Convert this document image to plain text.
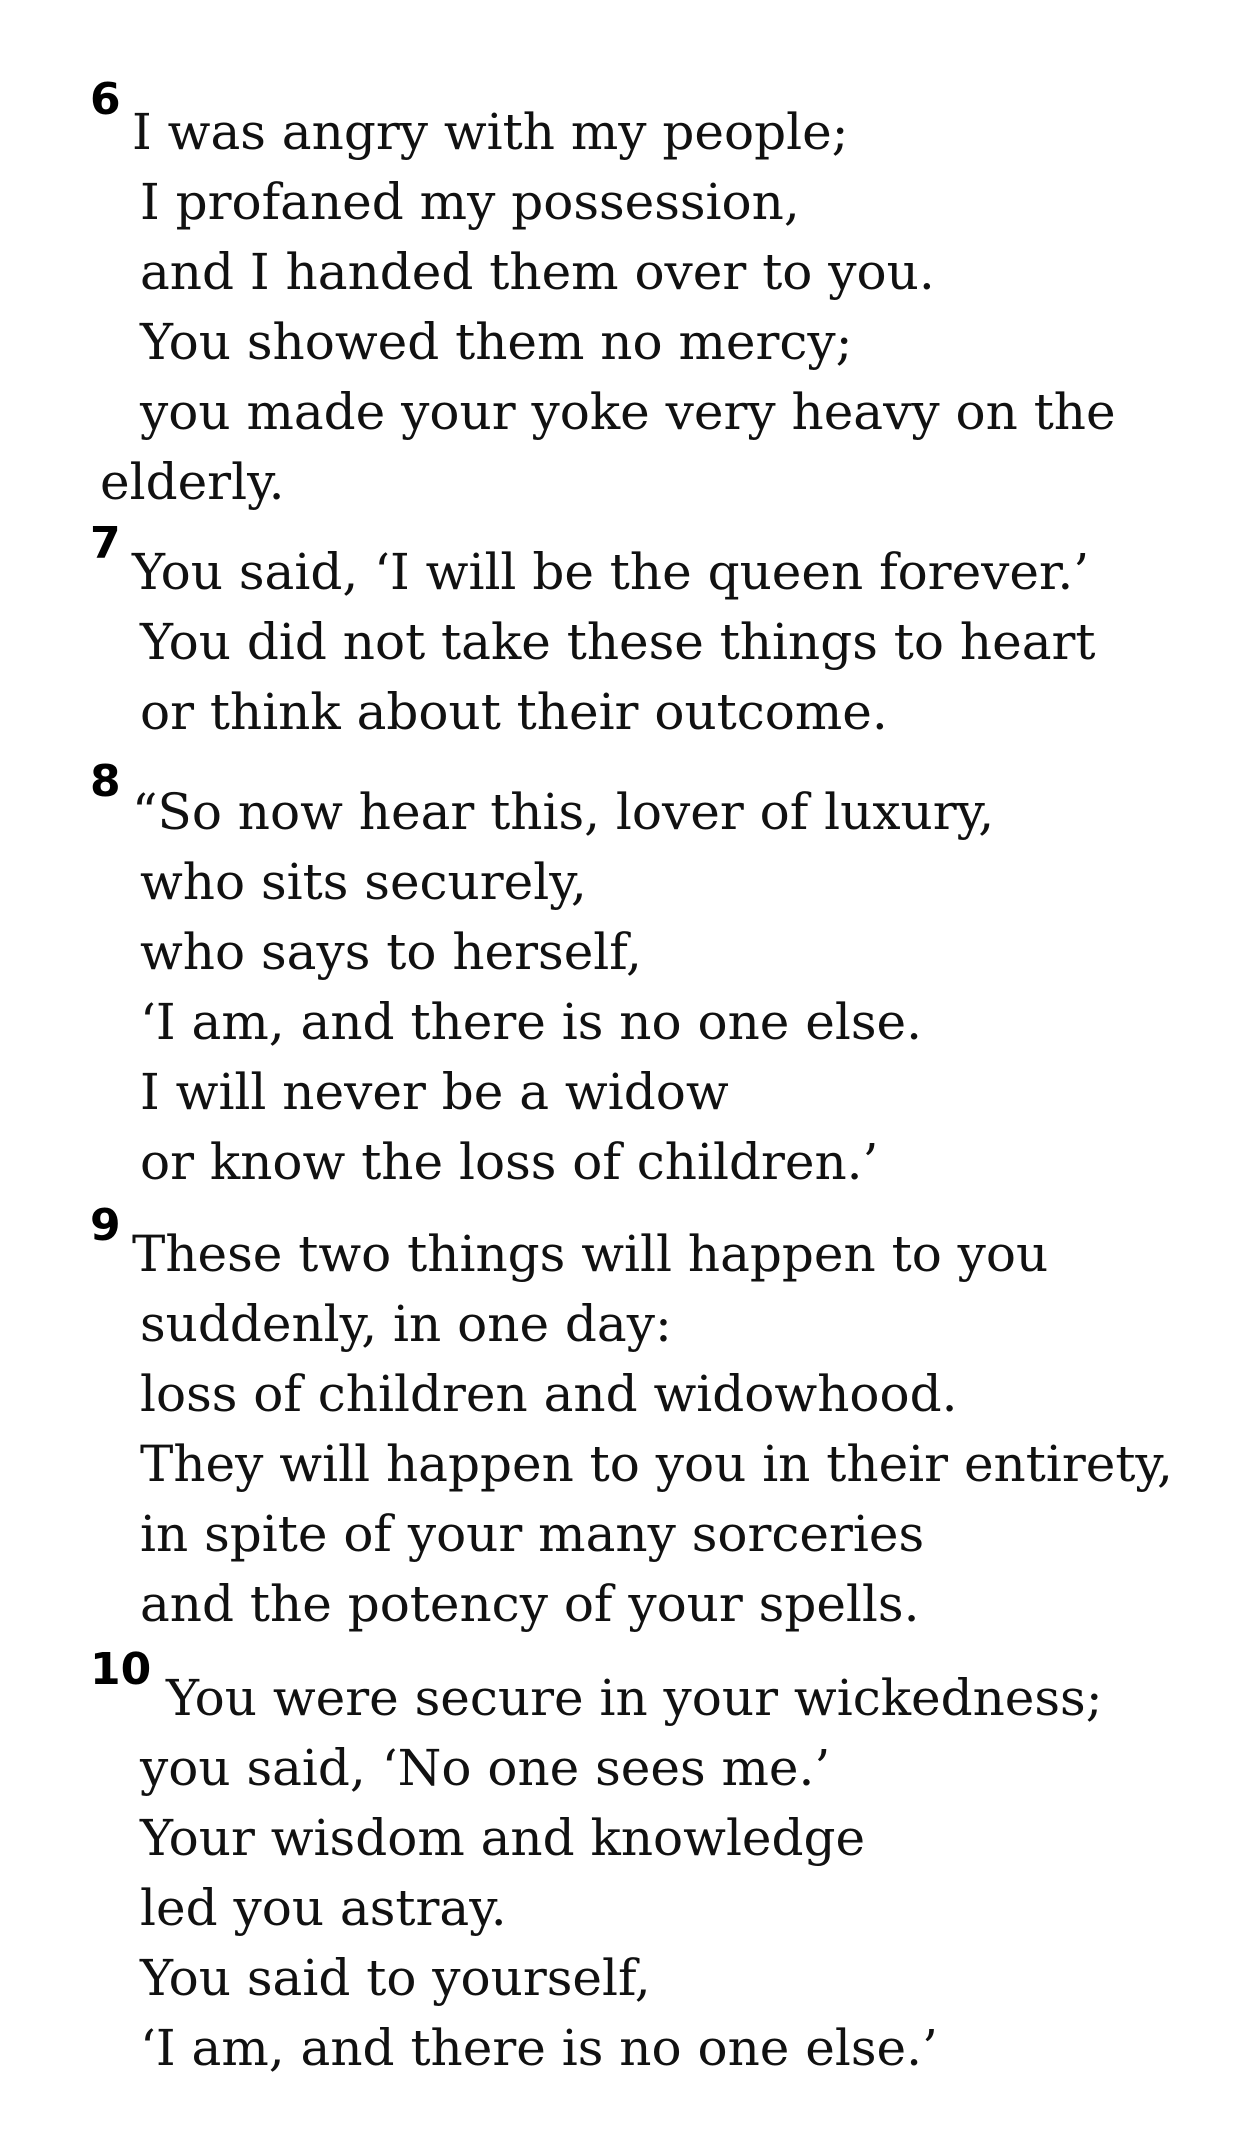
6
I was angry with my people;
I profaned my possession,
and I handed them over to you.
You showed them no mercy;
you made your yoke very heavy on the
elderly.
7 You said, ‘I will be the queen forever.’
You did not take these things to heart
or think about their outcome.
8
“So now hear this, lover of luxury,
who sits securely,
who says to herself,
‘I am, and there is no one else.
I will never be a widow
or know the loss of children.’
9 These two things will happen to you
suddenly, in one day:
loss of children and widowhood.
They will happen to you in their entirety,
in spite of your many sorceries
and the potency of your spells.
10 You were secure in your wickedness;
you said, ‘No one sees me.’
Your wisdom and knowledge
led you astray.
You said to yourself,
‘I am, and there is no one else.’
